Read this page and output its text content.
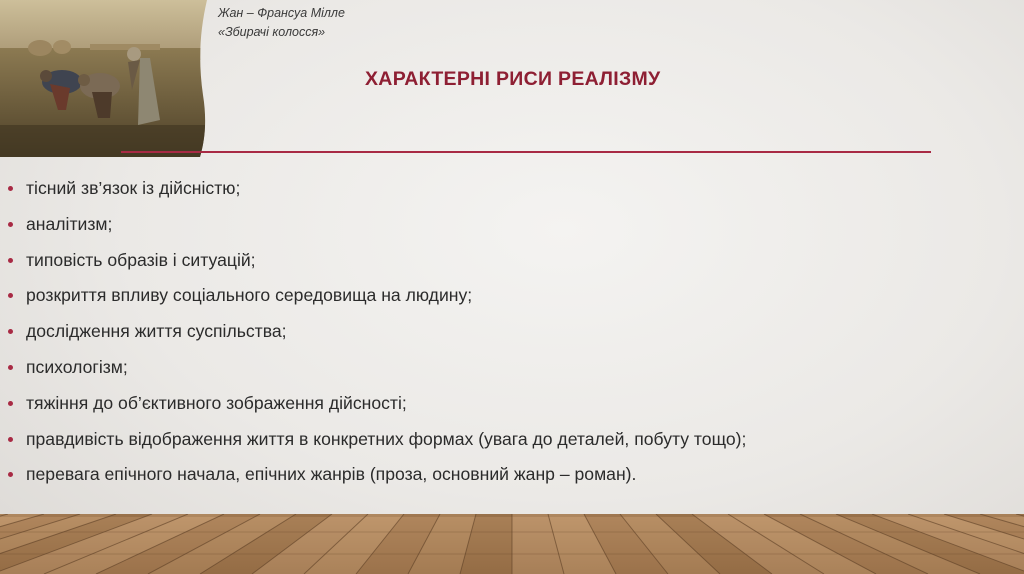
Жан – Франсуа Мілле
«Збирачі колосся»
ХАРАКТЕРНІ РИСИ РЕАЛІЗМУ
тісний зв’язок із дійсністю;
аналітизм;
типовість образів і ситуацій;
розкриття впливу соціального середовища на людину;
дослідження життя суспільства;
психологізм;
тяжіння до об’єктивного зображення дійсності;
правдивість відображення життя в конкретних формах (увага до деталей, побуту тощо);
перевага епічного начала, епічних жанрів (проза, основний жанр – роман).
